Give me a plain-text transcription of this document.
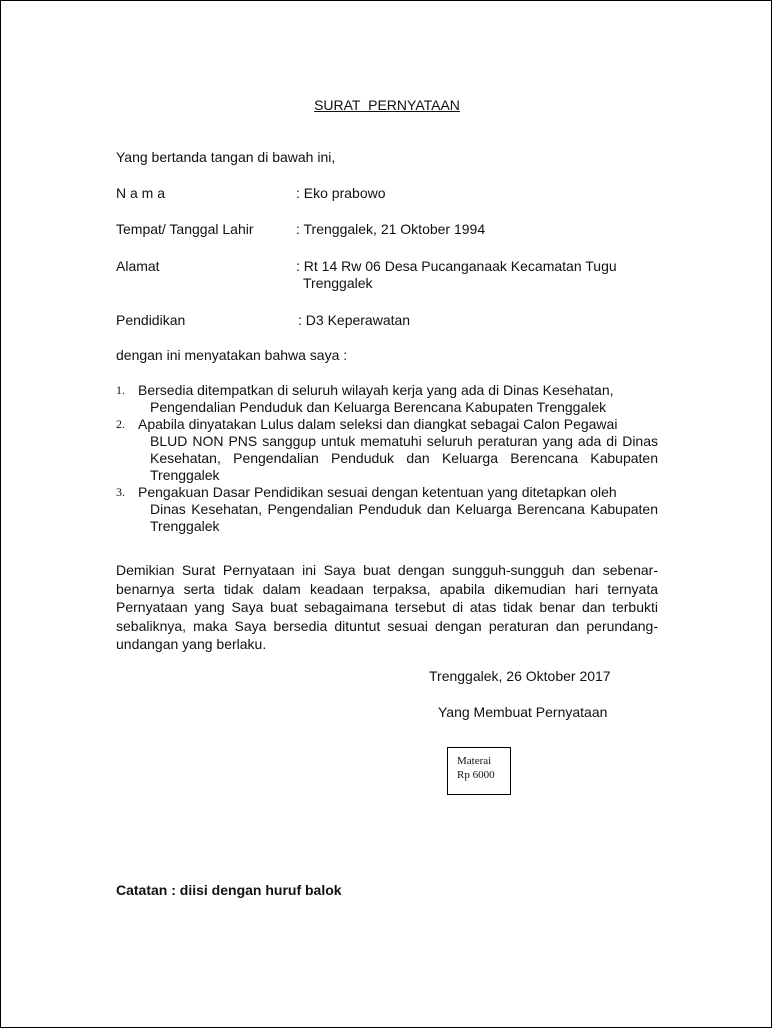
SURAT PERNYATAAN
Yang bertanda tangan di bawah ini,
N a m a	: Eko prabowo
Tempat/ Tanggal Lahir	: Trenggalek, 21 Oktober 1994
Alamat	: Rt 14 Rw 06 Desa Pucanganaak Kecamatan Tugu
Trenggalek
Pendidikan	: D3 Keperawatan
dengan ini menyatakan bahwa saya :
1. Bersedia ditempatkan di seluruh wilayah kerja yang ada di Dinas Kesehatan,
Pengendalian Penduduk dan Keluarga Berencana Kabupaten Trenggalek
2. Apabila dinyatakan Lulus dalam seleksi dan diangkat sebagai Calon Pegawai
BLUD NON PNS sanggup untuk mematuhi seluruh peraturan yang ada di Dinas Kesehatan, Pengendalian Penduduk dan Keluarga Berencana Kabupaten Trenggalek
3. Pengakuan Dasar Pendidikan sesuai dengan ketentuan yang ditetapkan oleh
Dinas Kesehatan, Pengendalian Penduduk dan Keluarga Berencana Kabupaten Trenggalek
Demikian Surat Pernyataan ini Saya buat dengan sungguh-sungguh dan sebenar-benarnya serta tidak dalam keadaan terpaksa, apabila dikemudian hari ternyata Pernyataan yang Saya buat sebagaimana tersebut di atas tidak benar dan terbukti sebaliknya, maka Saya bersedia dituntut sesuai dengan peraturan dan perundang-undangan yang berlaku.
Trenggalek, 26 Oktober 2017
Yang Membuat Pernyataan
Materai
Rp 6000
Catatan : diisi dengan huruf balok
